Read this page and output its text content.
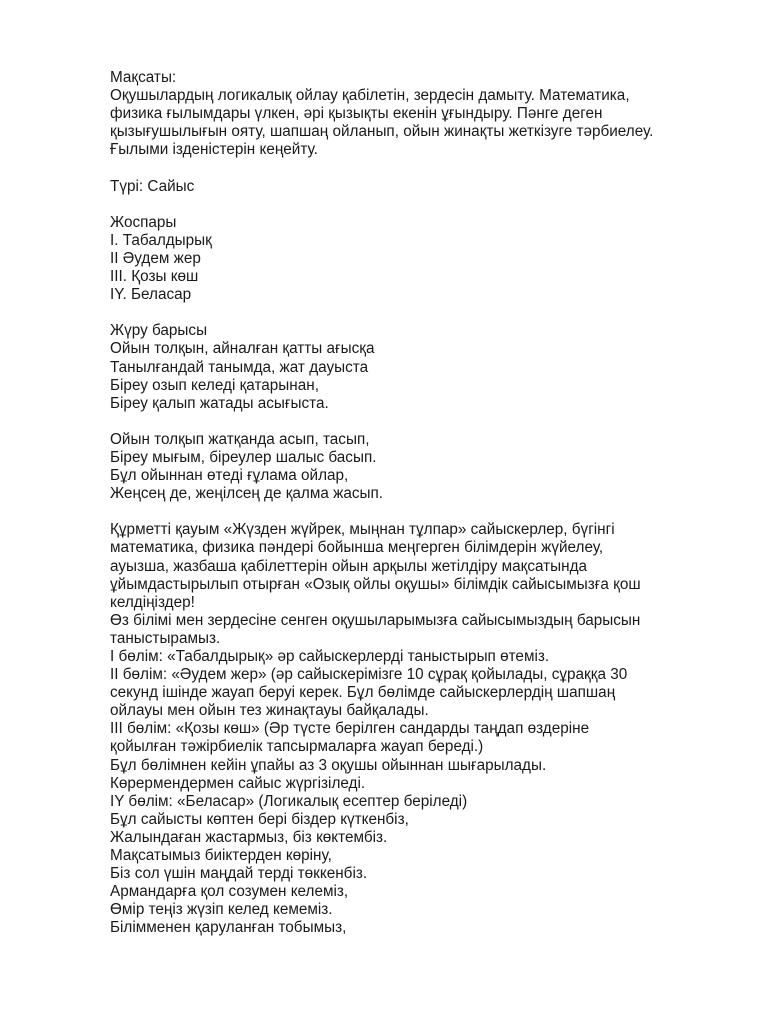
Мақсаты:
Оқушылардың логикалық ойлау қабілетін, зердесін дамыту. Математика,
физика ғылымдары үлкен, әрі қызықты екенін ұғындыру. Пәнге деген
қызығушылығын ояту, шапшаң ойланып, ойын жинақты жеткізуге тәрбиелеу.
Ғылыми ізденістерін кеңейту.
Түрі: Сайыс
Жоспары
I. Табалдырық
II Әудем жер
III. Қозы көш
IY. Беласар
Жүру барысы
Ойын толқын, айналған қатты ағысқа
Танылғандай танымда, жат дауыста
Біреу озып келеді қатарынан,
Біреу қалып жатады асығыста.
Ойын толқып жатқанда асып, тасып,
Біреу мығым, біреулер шалыс басып.
Бұл ойыннан өтеді ғұлама ойлар,
Жеңсең де, жеңілсең де қалма жасып.
Құрметті қауым «Жүзден жүйрек, мыңнан тұлпар» сайыскерлер, бүгінгі
математика, физика пәндері бойынша меңгерген білімдерін жүйелеу,
ауызша, жазбаша қабілеттерін ойын арқылы жетілдіру мақсатында
ұйымдастырылып отырған «Озық ойлы оқушы» білімдік сайысымызға қош
келдіңіздер!
Өз білімі мен зердесіне сенген оқушыларымызға сайысымыздың барысын
таныстырамыз.
I бөлім: «Табалдырық» әр сайыскерлерді таныстырып өтеміз.
II бөлім: «Әудем жер» (әр сайыскерімізге 10 сұрақ қойылады, сұраққа 30
секунд ішінде жауап беруі керек. Бұл бөлімде сайыскерлердің шапшаң
ойлауы мен ойын тез жинақтауы байқалады.
III бөлім: «Қозы көш» (Әр түсте берілген сандарды таңдап өздеріне
қойылған тәжірбиелік тапсырмаларға жауап береді.)
Бұл бөлімнен кейін ұпайы аз 3 оқушы ойыннан шығарылады.
Көрермендермен сайыс жүргізіледі.
IY бөлім: «Беласар» (Логикалық есептер беріледі)
Бұл сайысты көптен бері біздер күткенбіз,
Жалындаған жастармыз, біз көктембіз.
Мақсатымыз биіктерден көріну,
Біз сол үшін маңдай терді төккенбіз.
Армандарға қол созумен келеміз,
Өмір теңіз жүзіп келед кемеміз.
Білімменен қаруланған тобымыз,
